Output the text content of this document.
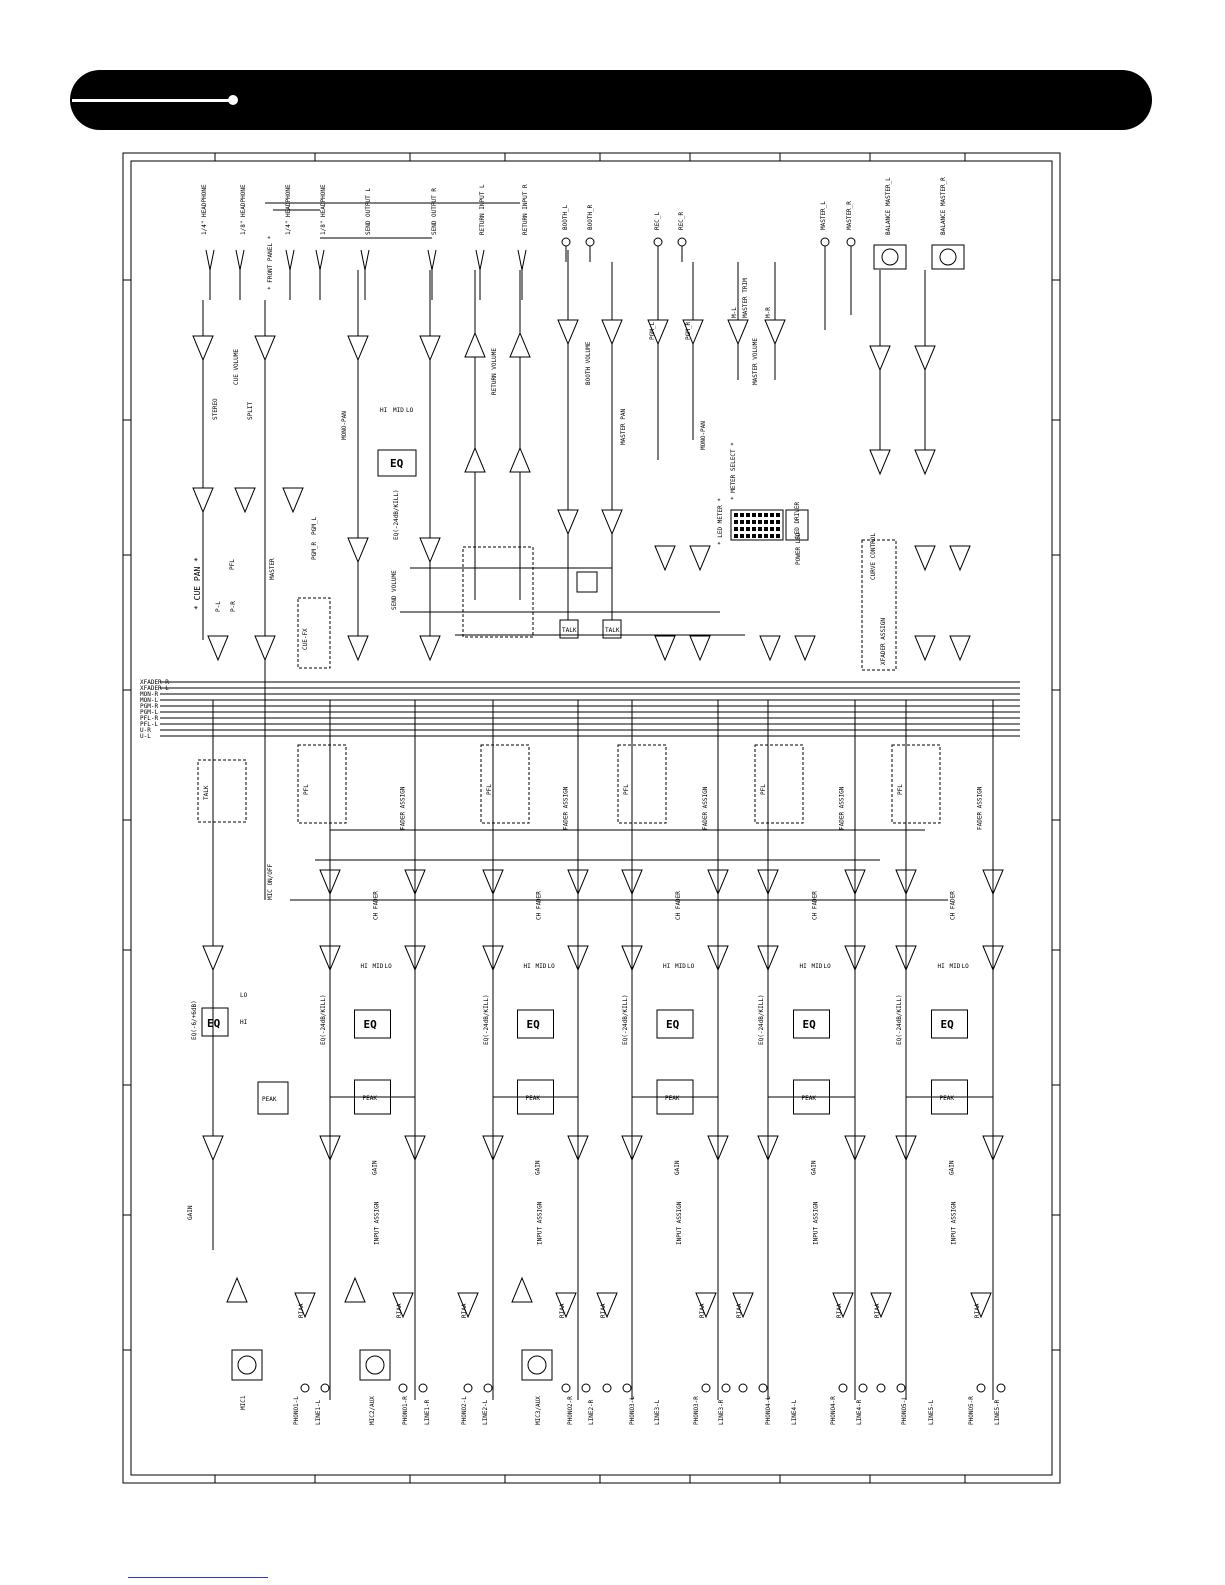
1/4" HEADPHONE	1/8" HEADPHONE	1/4" HEADPHONE	1/8" HEADPHONE
* FRONT PANEL *
SEND OUTPUT L	SEND OUTPUT R	RETURN INPUT L	RETURN INPUT R	BOOTH_L	BOOTH_R	REC_L	REC_R	MASTER_L	MASTER_R	BALANCE MASTER_L	BALANCE MASTER_R
CUE VOLUME
STEREO	SPLIT
MONO-PAN
* CUE PAN *	PFL	MASTER
PGM_L
PGM_R
P-L P-R
CUE-FX
SEND VOLUME
EQ
HI MID LO
EQ(-24dB/KILL)
RETURN VOLUME	BOOTH VOLUME
MASTER PAN
MASTER TRIM
MASTER VOLUME
M-L	M-R
PGM_L	PGM_R
MONO-PAN
* METER SELECT *
* LED METER *	LED DRIVER
POWER LED
TALK	TALK
CURVE CONTROL
XFADER ASSIGN
XFADER-R
XFADER-L
MON-R
MON-L
PGM-R
PGM-L
PFL-R
PFL-L
U-R
U-L
PFL	FADER ASSIGN
CH FADER
EQ
HI MID LO
EQ(-24dB/KILL)
PEAK
GAIN
INPUT ASSIGN
RIAA	RIAA
PFL	FADER ASSIGN
CH FADER
EQ
HI MID LO
EQ(-24dB/KILL)
PEAK
GAIN
INPUT ASSIGN
RIAA	RIAA
PFL	FADER ASSIGN
CH FADER
EQ
HI MID LO
EQ(-24dB/KILL)
PEAK
GAIN
INPUT ASSIGN
RIAA	RIAA
PFL	FADER ASSIGN
CH FADER
EQ
HI MID LO
EQ(-24dB/KILL)
PEAK
GAIN
INPUT ASSIGN
RIAA	RIAA
PFL	FADER ASSIGN
CH FADER
EQ
HI MID LO
EQ(-24dB/KILL)
PEAK
GAIN
INPUT ASSIGN
RIAA	RIAA
EQ
EQ(-6/+6dB)
LO
HI
PEAK
MIC ON/OFF
GAIN
TALK
MIC1	PHONO1-L	LINE1-L	MIC2/AUX	PHONO1-R	LINE1-R	PHONO2-L LINE2-L	MIC3/AUX	PHONO2-R LINE2-R	PHONO3-L	LINE3-L	PHONO3-R	LINE3-R	PHONO4-L	LINE4-L	PHONO4-R	LINE4-R	PHONO5-L	LINE5-L	PHONO5-R	LINE5-R
